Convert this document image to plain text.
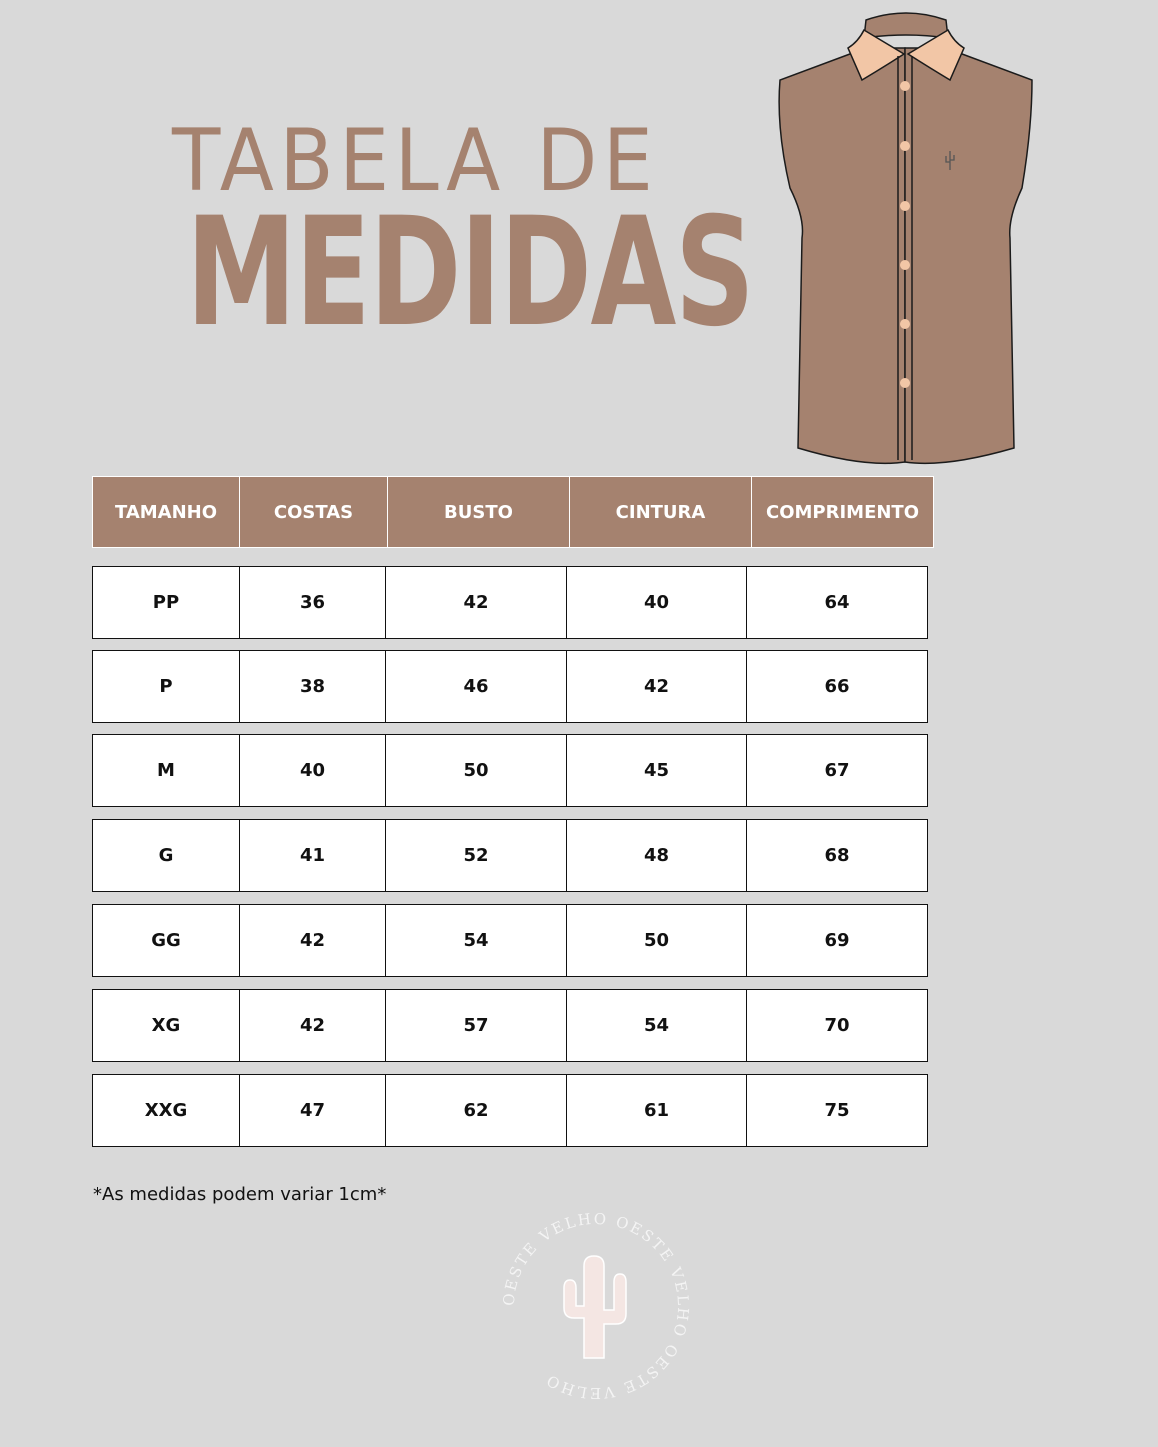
TABELA DE
MEDIDAS
TAMANHO	COSTAS	BUSTO	CINTURA	COMPRIMENTO
PP	36	42	40	64
P	38	46	42	66
M	40	50	45	67
G	41	52	48	68
GG	42	54	50	69
XG	42	57	54	70
XXG	47	62	61	75
*As medidas podem variar 1cm*
OESTE VELHO OESTE VELHO OESTE VELHO
